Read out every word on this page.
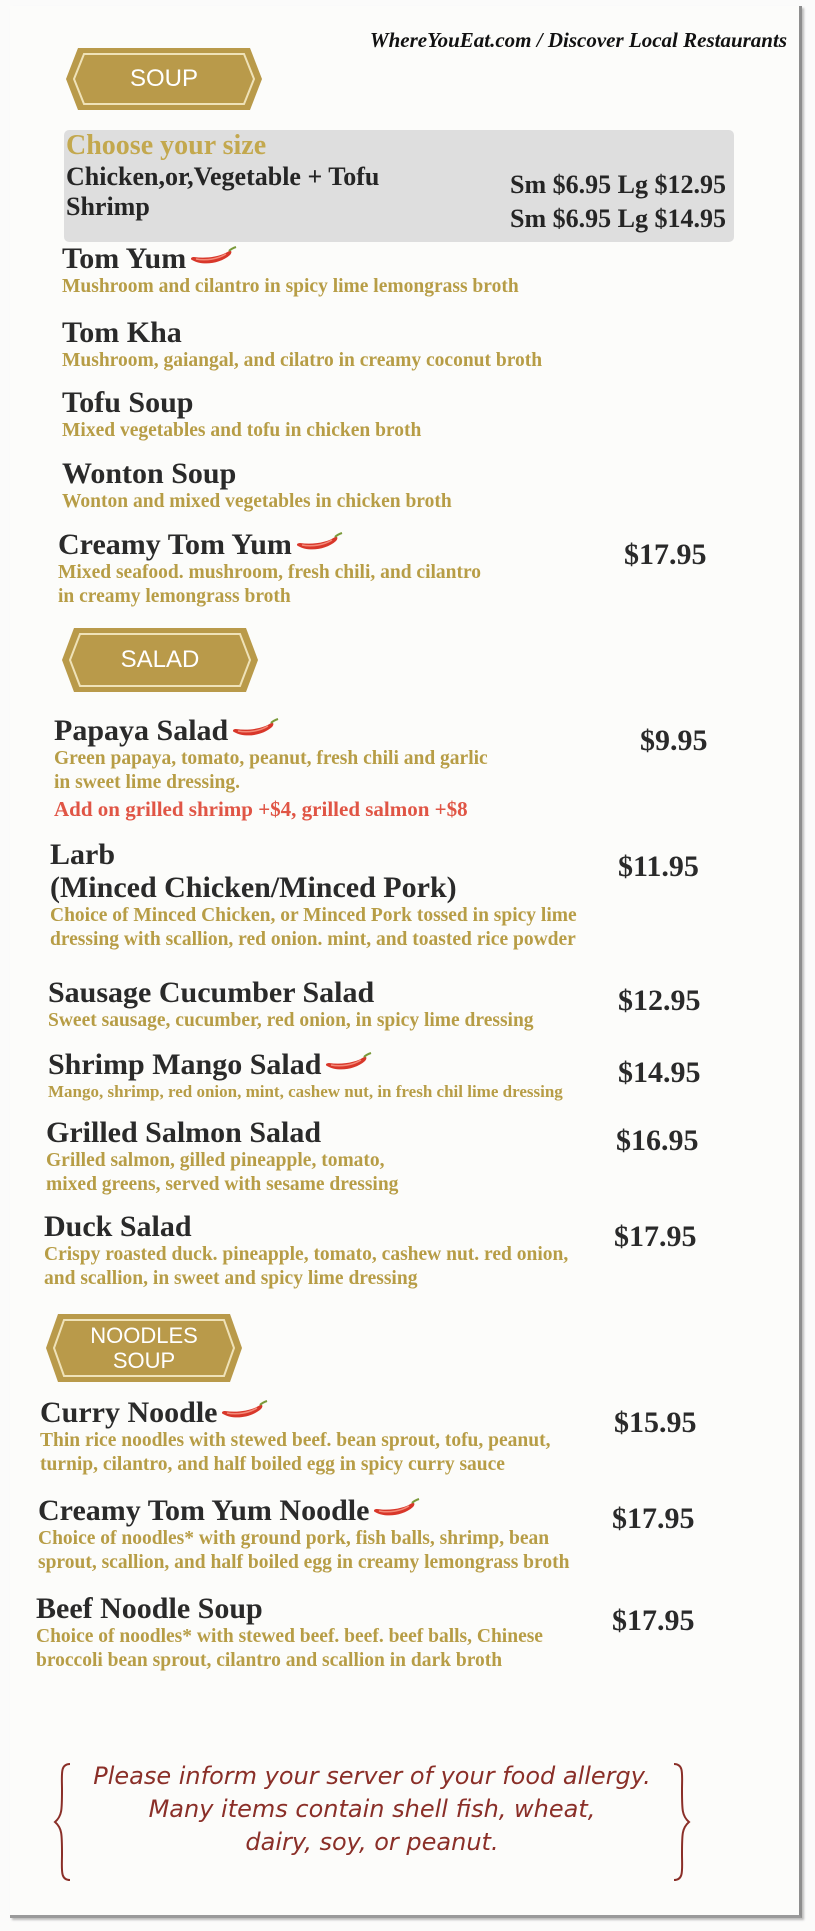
WhereYouEat.com / Discover Local Restaurants
SOUP
Choose your size
Chicken,or,Vegetable + Tofu	Sm $6.95 Lg $12.95
Shrimp	Sm $6.95 Lg $14.95
Tom Yum
Mushroom and cilantro in spicy lime lemongrass broth
Tom Kha
Mushroom, gaiangal, and cilatro in creamy coconut broth
Tofu Soup
Mixed vegetables and tofu in chicken broth
Wonton Soup
Wonton and mixed vegetables in chicken broth
Creamy Tom Yum
Mixed seafood. mushroom, fresh chili, and cilantro
in creamy lemongrass broth
$17.95
SALAD
Papaya Salad
Green papaya, tomato, peanut, fresh chili and garlic
in sweet lime dressing.
Add on grilled shrimp +$4, grilled salmon +$8
$9.95
Larb
(Minced Chicken/Minced Pork)
Choice of Minced Chicken, or Minced Pork tossed in spicy lime
dressing with scallion, red onion. mint, and toasted rice powder
$11.95
Sausage Cucumber Salad
Sweet sausage, cucumber, red onion, in spicy lime dressing
$12.95
Shrimp Mango Salad
Mango, shrimp, red onion, mint, cashew nut, in fresh chil lime dressing
$14.95
Grilled Salmon Salad
Grilled salmon, gilled pineapple, tomato,
mixed greens, served with sesame dressing
$16.95
Duck Salad
Crispy roasted duck. pineapple, tomato, cashew nut. red onion,
and scallion, in sweet and spicy lime dressing
$17.95
NOODLES
SOUP
Curry Noodle
Thin rice noodles with stewed beef. bean sprout, tofu, peanut,
turnip, cilantro, and half boiled egg in spicy curry sauce
$15.95
Creamy Tom Yum Noodle
Choice of noodles* with ground pork, fish balls, shrimp, bean
sprout, scallion, and half boiled egg in creamy lemongrass broth
$17.95
Beef Noodle Soup
Choice of noodles* with stewed beef. beef. beef balls, Chinese
broccoli bean sprout, cilantro and scallion in dark broth
$17.95
Please inform your server of your food allergy.
Many items contain shell fish, wheat,
dairy, soy, or peanut.
